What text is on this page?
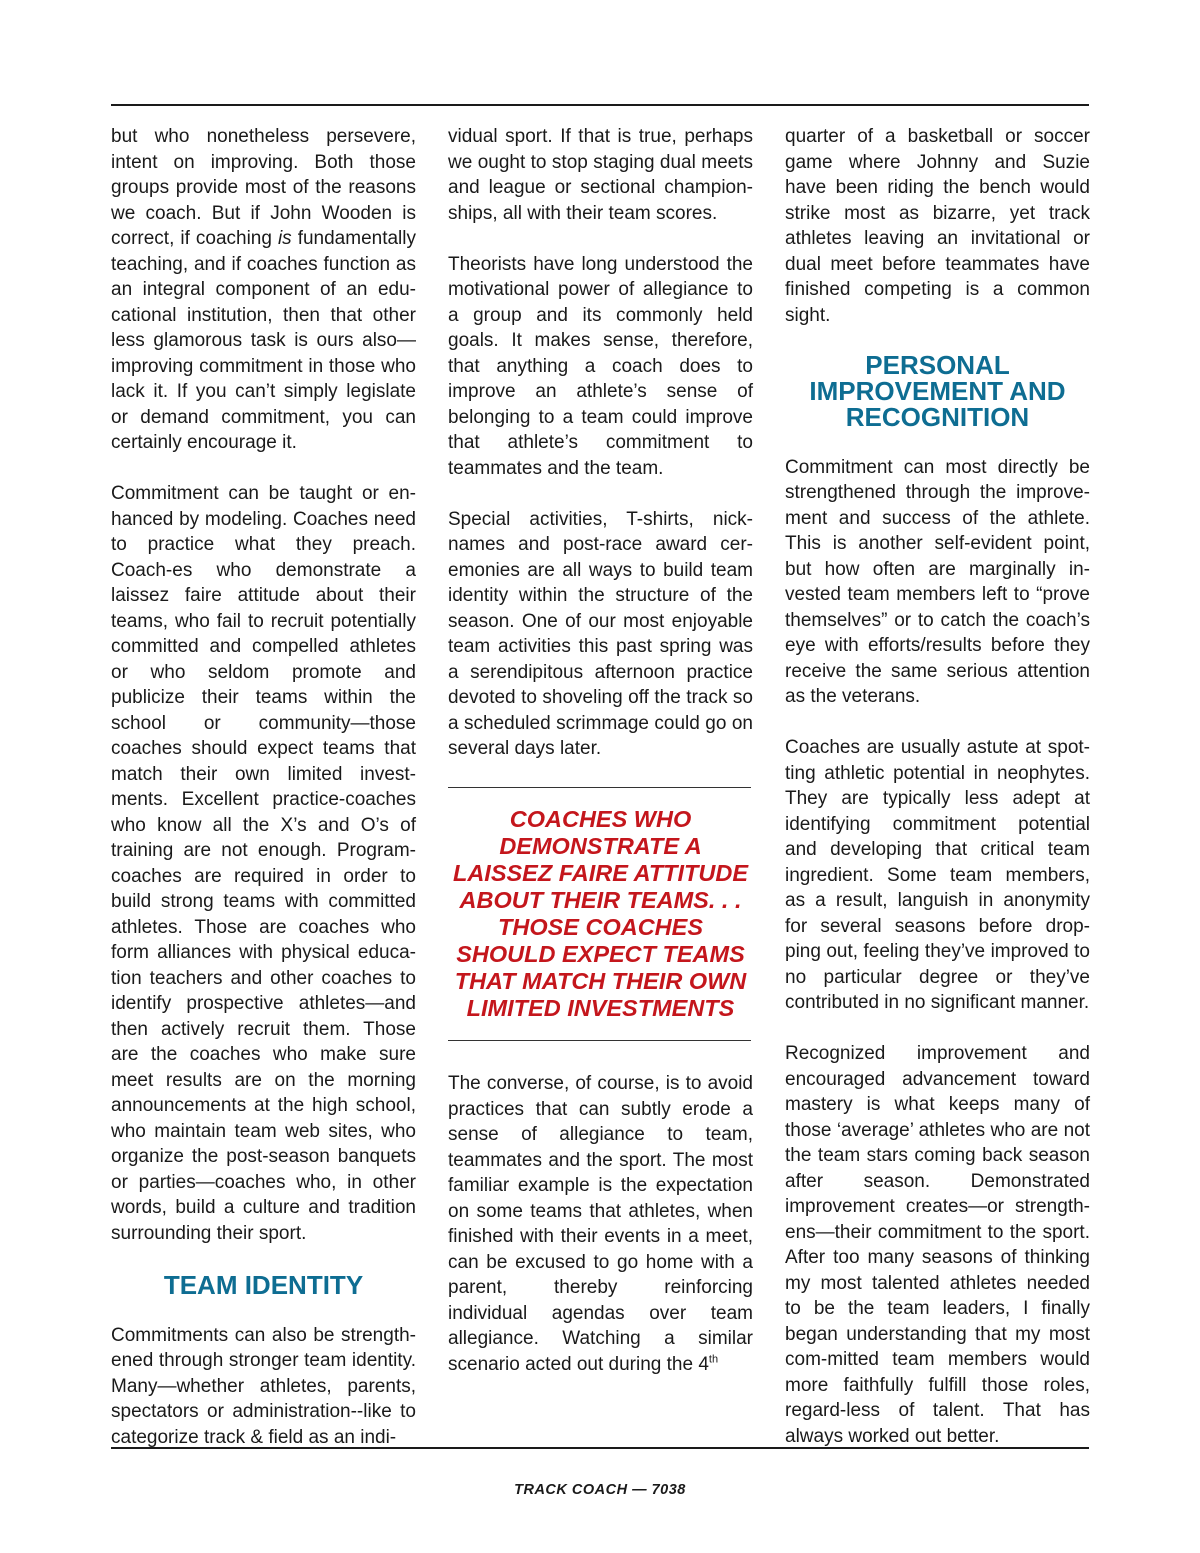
but who nonetheless persevere, intent on improving. Both those groups provide most of the reasons we coach. But if John Wooden is correct, if coaching is fundamentally teaching, and if coaches function as an integral component of an edu-cational institution, then that other less glamorous task is ours also—improving commitment in those who lack it. If you can’t simply legislate or demand commitment, you can certainly encourage it.

Commitment can be taught or en-hanced by modeling. Coaches need to practice what they preach. Coach-es who demonstrate a laissez faire attitude about their teams, who fail to recruit potentially committed and compelled athletes or who seldom promote and publicize their teams within the school or community—those coaches should expect teams that match their own limited invest-ments. Excellent practice-coaches who know all the X’s and O’s of training are not enough. Program-coaches are required in order to build strong teams with committed athletes. Those are coaches who form alliances with physical educa-tion teachers and other coaches to identify prospective athletes—and then actively recruit them. Those are the coaches who make sure meet results are on the morning announcements at the high school, who maintain team web sites, who organize the post-season banquets or parties—coaches who, in other words, build a culture and tradition surrounding their sport.

TEAM IDENTITY

Commitments can also be strength-ened through stronger team identity. Many—whether athletes, parents, spectators or administration--like to categorize track & field as an indi-

vidual sport. If that is true, perhaps we ought to stop staging dual meets and league or sectional champion-ships, all with their team scores.

Theorists have long understood the motivational power of allegiance to a group and its commonly held goals. It makes sense, therefore, that anything a coach does to improve an athlete’s sense of belonging to a team could improve that athlete’s commitment to teammates and the team.

Special activities, T-shirts, nick-names and post-race award cer-emonies are all ways to build team identity within the structure of the season. One of our most enjoyable team activities this past spring was a serendipitous afternoon practice devoted to shoveling off the track so a scheduled scrimmage could go on several days later.

COACHES WHO DEMONSTRATE A LAISSEZ FAIRE ATTITUDE ABOUT THEIR TEAMS. . . THOSE COACHES SHOULD EXPECT TEAMS THAT MATCH THEIR OWN LIMITED INVESTMENTS

The converse, of course, is to avoid practices that can subtly erode a sense of allegiance to team, teammates and the sport. The most familiar example is the expectation on some teams that athletes, when finished with their events in a meet, can be excused to go home with a parent, thereby reinforcing individual agendas over team allegiance. Watching a similar scenario acted out during the 4th

quarter of a basketball or soccer game where Johnny and Suzie have been riding the bench would strike most as bizarre, yet track athletes leaving an invitational or dual meet before teammates have finished competing is a common sight.

PERSONAL IMPROVEMENT AND RECOGNITION

Commitment can most directly be strengthened through the improve-ment and success of the athlete. This is another self-evident point, but how often are marginally in-vested team members left to “prove themselves” or to catch the coach’s eye with efforts/results before they receive the same serious attention as the veterans.

Coaches are usually astute at spot-ting athletic potential in neophytes. They are typically less adept at identifying commitment potential and developing that critical team ingredient. Some team members, as a result, languish in anonymity for several seasons before drop-ping out, feeling they’ve improved to no particular degree or they’ve contributed in no significant manner.

Recognized improvement and encouraged advancement toward mastery is what keeps many of those ‘average’ athletes who are not the team stars coming back season after season. Demonstrated improvement creates—or strength-ens—their commitment to the sport. After too many seasons of thinking my most talented athletes needed to be the team leaders, I finally began understanding that my most com-mitted team members would more faithfully fulfill those roles, regard-less of talent. That has always worked out better.

TRACK COACH — 7038
